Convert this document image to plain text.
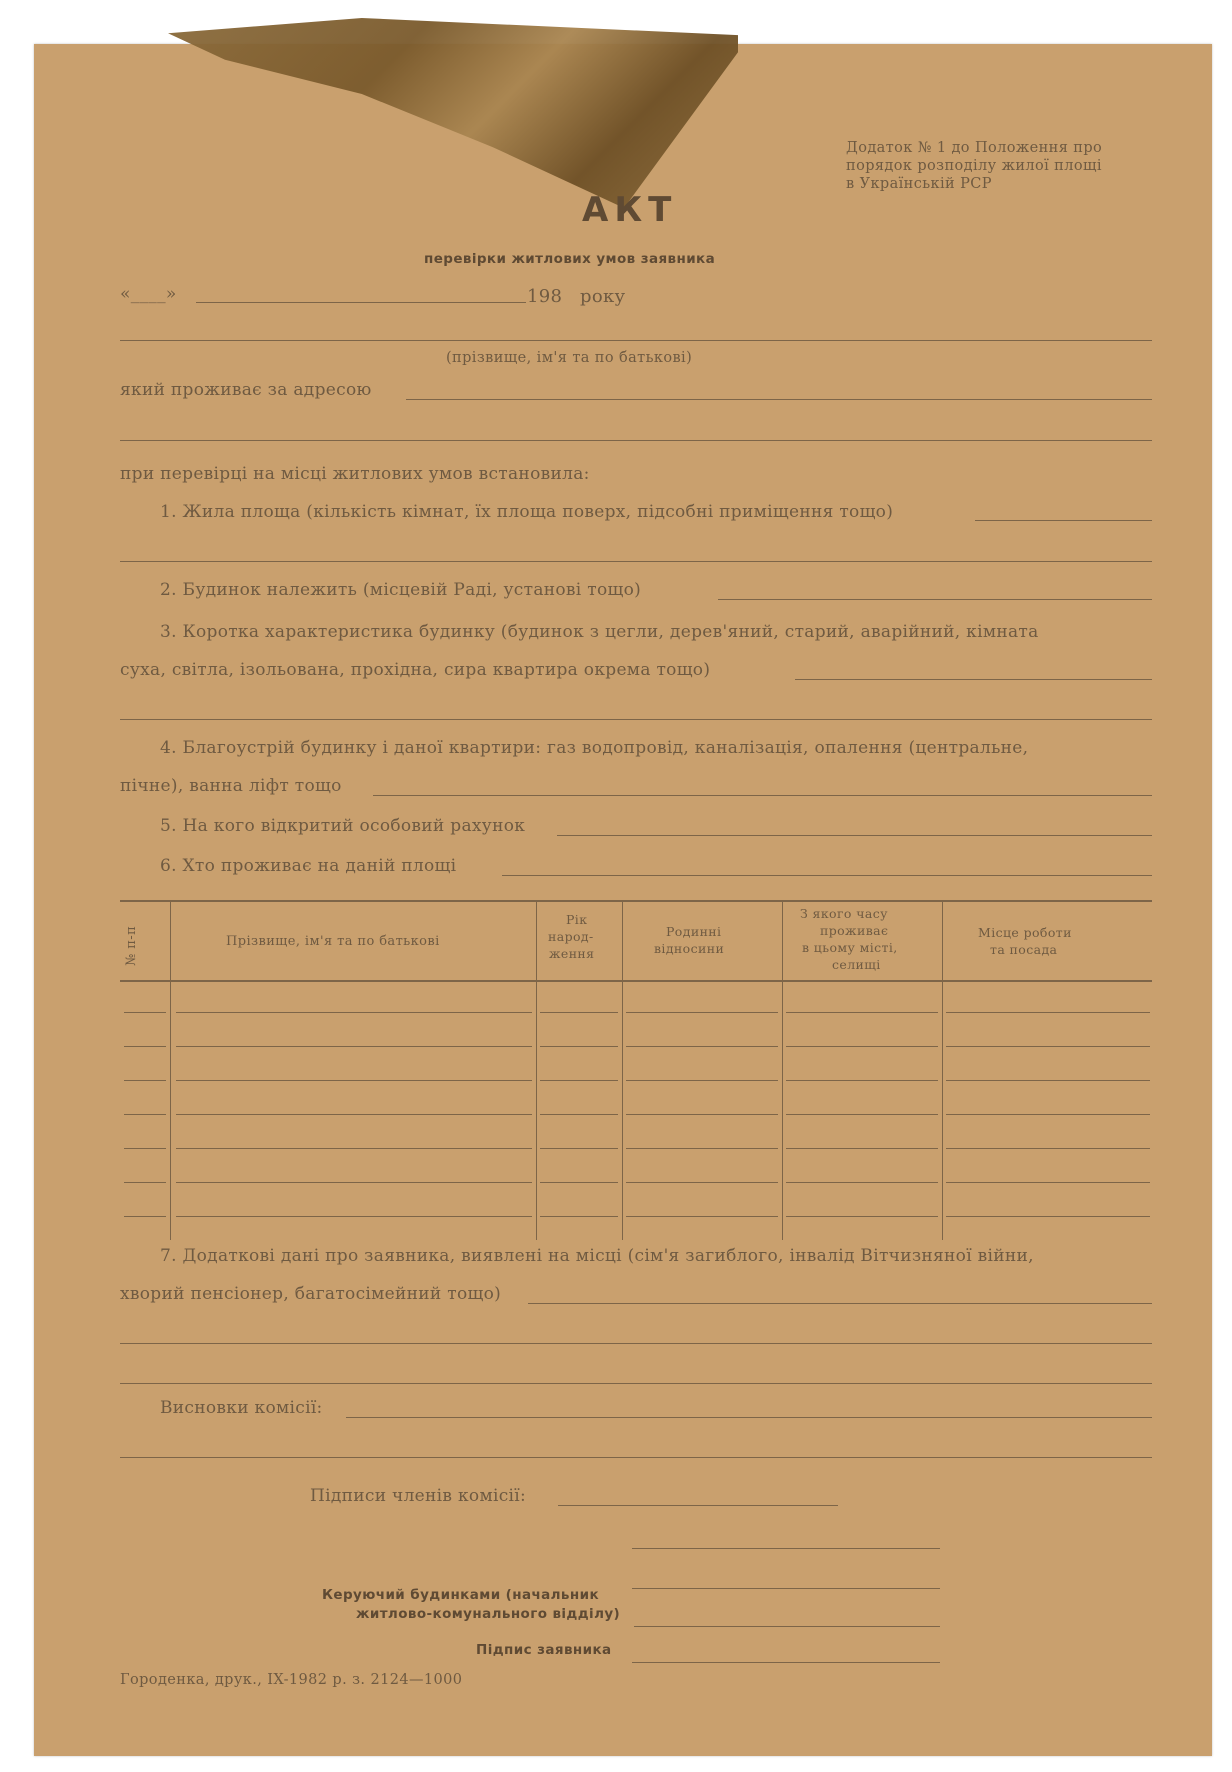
Додаток № 1 до Положення про
порядок розподілу жилої площі
в Українській РСР
АКТ
перевірки житлових умов заявника
«____»	198 року
(прізвище, ім'я та по батькові)
який проживає за адресою
при перевірці на місці житлових умов встановила:
1. Жила площа (кількість кімнат, їх площа поверх, підсобні приміщення тощо)
2. Будинок належить (місцевій Раді, установі тощо)
3. Коротка характеристика будинку (будинок з цегли, дерев'яний, старий, аварійний, кімната
суха, світла, ізольована, прохідна, сира квартира окрема тощо)
4. Благоустрій будинку і даної квартири: газ водопровід, каналізація, опалення (центральне,
пічне), ванна ліфт тощо
5. На кого відкритий особовий рахунок
6. Хто проживає на даній площі
№ п-п	Прізвище, ім'я та по батькові
Рік
народ-
ження
Родинні
відносини
З якого часу
проживає
в цьому місті,
селищі
Місце роботи
та посада
7. Додаткові дані про заявника, виявлені на місці (сім'я загиблого, інвалід Вітчизняної війни,
хворий пенсіонер, багатосімейний тощо)
Висновки комісії:
Підписи членів комісії:
Керуючий будинками (начальник
житлово-комунального відділу)
Підпис заявника
Городенка, друк., IX-1982 р. з. 2124—1000
